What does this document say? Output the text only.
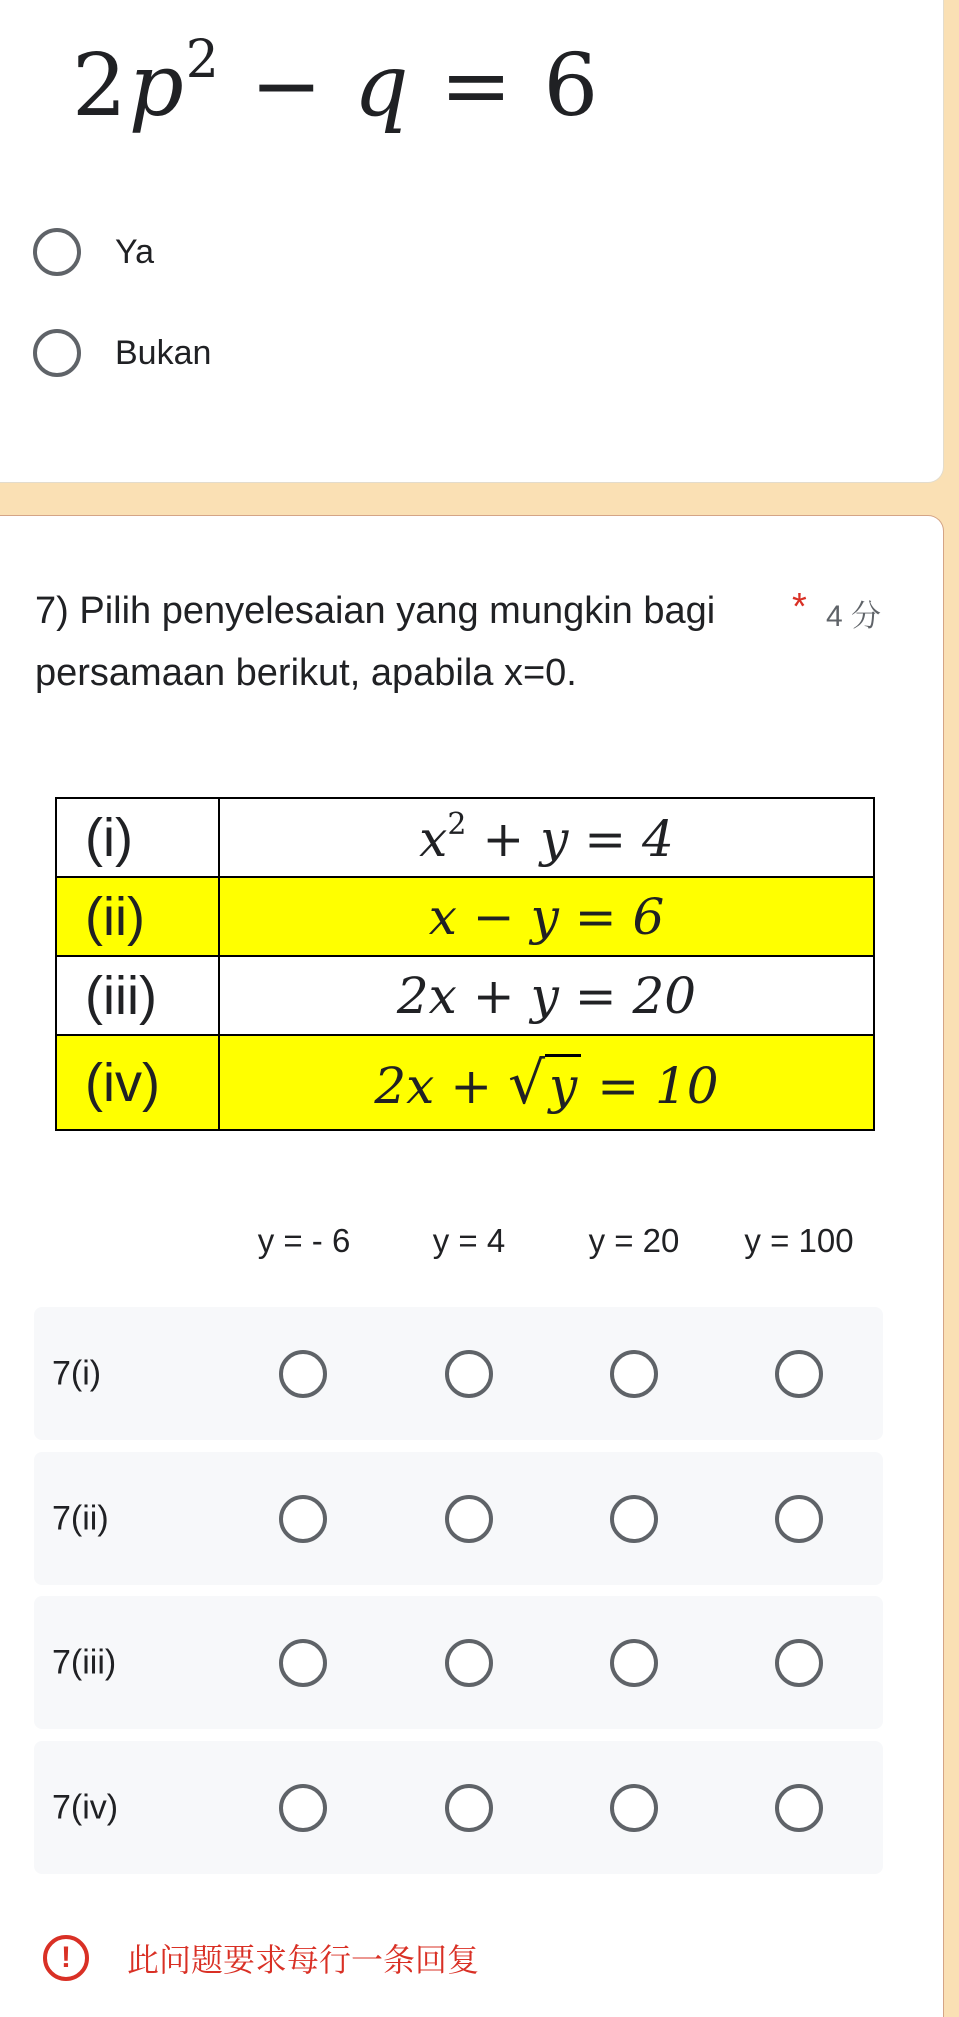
$2p^2 - q = 6$
Ya
Bukan
7) Pilih penyelesaian yang mungkin bagi persamaan berikut, apabila x=0.
* 4 分
(i)	$x^2 + y = 4$
(ii)	x − y = 6
(iii)	2x + y = 20
(iv)	2x + √y = 10
y = - 6	y = 4	y = 20	y = 100
7(i)
7(ii)
7(iii)
7(iv)
!	此问题要求每行一条回复
